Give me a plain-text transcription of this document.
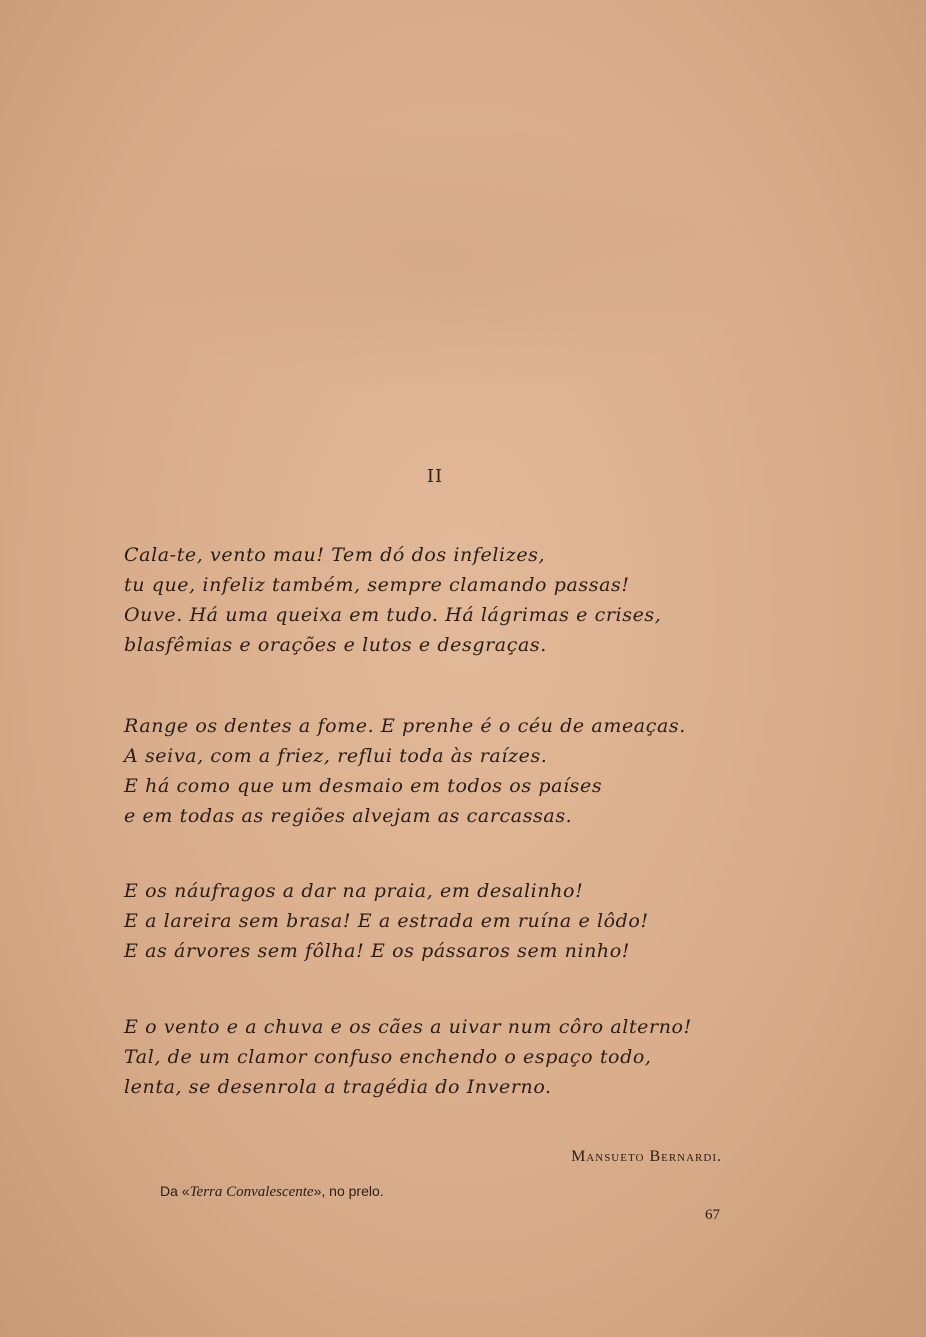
II
Cala-te, vento mau! Tem dó dos infelizes,
tu que, infeliz também, sempre clamando passas!
Ouve. Há uma queixa em tudo. Há lágrimas e crises,
blasfêmias e orações e lutos e desgraças.
Range os dentes a fome. E prenhe é o céu de ameaças.
A seiva, com a friez, reflui toda às raízes.
E há como que um desmaio em todos os países
e em todas as regiões alvejam as carcassas.
E os náufragos a dar na praia, em desalinho!
E a lareira sem brasa! E a estrada em ruína e lôdo!
E as árvores sem fôlha! E os pássaros sem ninho!
E o vento e a chuva e os cães a uivar num côro alterno!
Tal, de um clamor confuso enchendo o espaço todo,
lenta, se desenrola a tragédia do Inverno.
Mansueto Bernardi.
Da «Terra Convalescente», no prelo.
67
